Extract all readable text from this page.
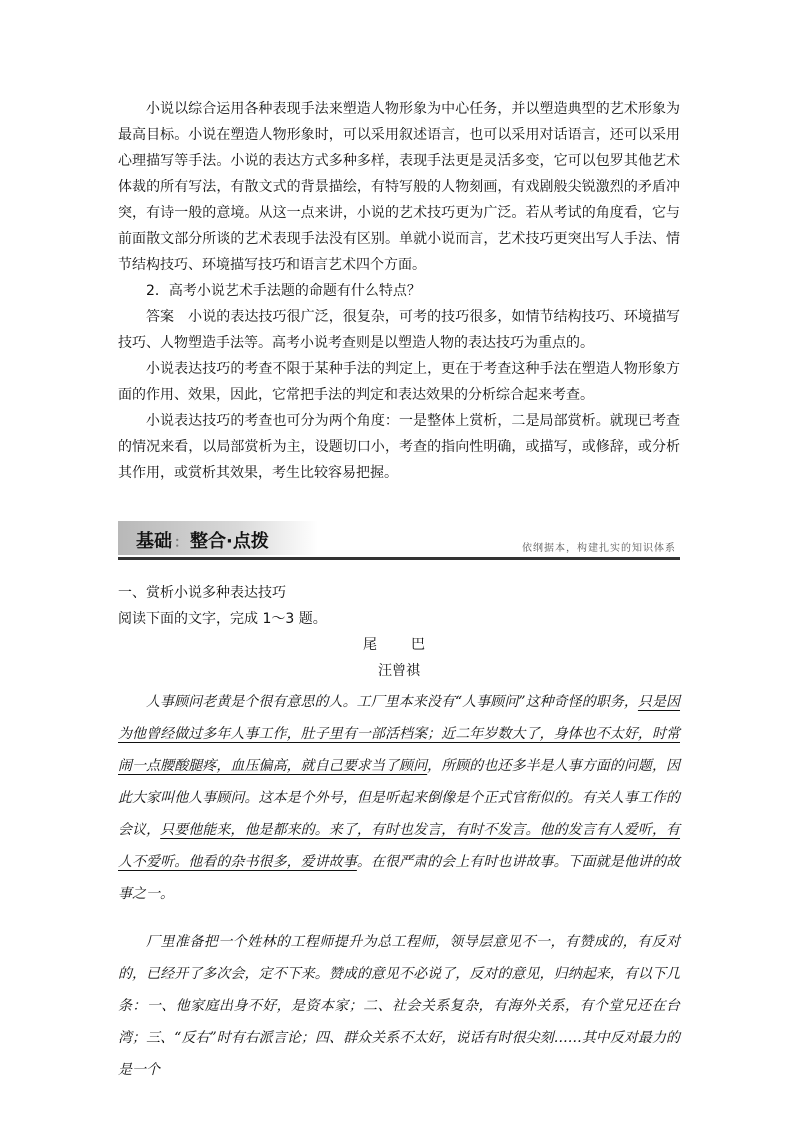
小说以综合运用各种表现手法来塑造人物形象为中心任务，并以塑造典型的艺术形象为最高目标。小说在塑造人物形象时，可以采用叙述语言，也可以采用对话语言，还可以采用心理描写等手法。小说的表达方式多种多样，表现手法更是灵活多变，它可以包罗其他艺术体裁的所有写法，有散文式的背景描绘，有特写般的人物刻画，有戏剧般尖锐激烈的矛盾冲突，有诗一般的意境。从这一点来讲，小说的艺术技巧更为广泛。若从考试的角度看，它与前面散文部分所谈的艺术表现手法没有区别。单就小说而言，艺术技巧更突出写人手法、情节结构技巧、环境描写技巧和语言艺术四个方面。

2．高考小说艺术手法题的命题有什么特点？

答案　 小说的表达技巧很广泛，很复杂，可考的技巧很多，如情节结构技巧、环境描写技巧、人物塑造手法等。高考小说考查则是以塑造人物的表达技巧为重点的。

小说表达技巧的考查不限于某种手法的判定上，更在于考查这种手法在塑造人物形象方面的作用、效果，因此，它常把手法的判定和表达效果的分析综合起来考查。

小说表达技巧的考查也可分为两个角度：一是整体上赏析，二是局部赏析。就现已考查的情况来看，以局部赏析为主，设题切口小，考查的指向性明确，或描写，或修辞，或分析其作用，或赏析其效果，考生比较容易把握。

基础 ： 整合·点拨	依纲据本，构建扎实的知识体系

一、赏析小说多种表达技巧

阅读下面的文字，完成 1～3 题。

尾　巴

汪曾祺

人事顾问老黄是个很有意思的人。工厂里本来没有“人事顾问”这种奇怪的职务，只是因为他曾经做过多年人事工作，肚子里有一部活档案；近二年岁数大了，身体也不太好，时常闹一点腰酸腿疼，血压偏高，就自己要求当了顾问，所顾的也还多半是人事方面的问题，因此大家叫他人事顾问。这本是个外号，但是听起来倒像是个正式官衔似的。有关人事工作的会议，只要他能来，他是都来的。来了，有时也发言，有时不发言。他的发言有人爱听，有人不爱听。他看的杂书很多，爱讲故事。在很严肃的会上有时也讲故事。下面就是他讲的故事之一。

厂里准备把一个姓林的工程师提升为总工程师，领导层意见不一，有赞成的，有反对的，已经开了多次会，定不下来。赞成的意见不必说了，反对的意见，归纳起来，有以下几条：一、他家庭出身不好，是资本家；二、社会关系复杂，有海外关系，有个堂兄还在台湾；三、“反右”时有右派言论；四、群众关系不太好，说话有时很尖刻……其中反对最力的是一个
